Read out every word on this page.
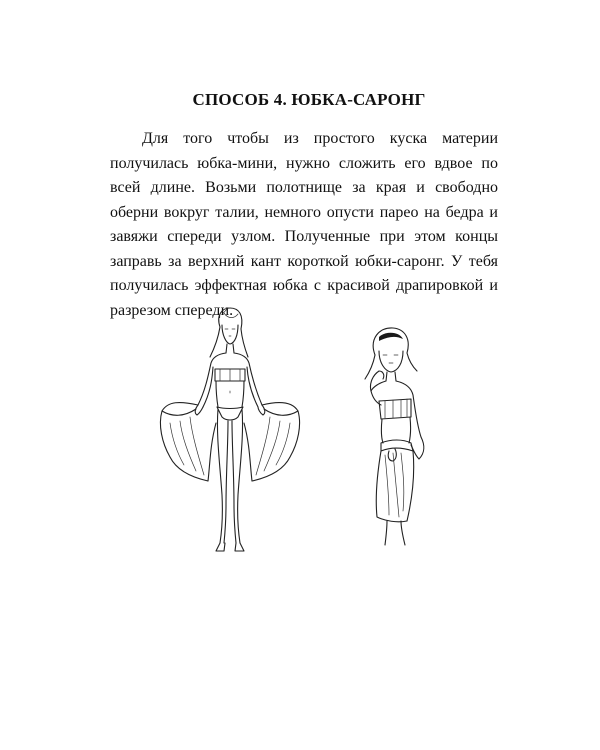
СПОСОБ 4. ЮБКА-САРОНГ
Для того чтобы из простого куска материи
получилась юбка-мини, нужно сложить его вдвое по
всей длине. Возьми полотнище за края и свободно
оберни вокруг талии, немного опусти парео на бедра и
завяжи спереди узлом. Полученные при этом концы
заправь за верхний кант короткой юбки-саронг. У тебя
получилась эффектная юбка с красивой драпировкой и
разрезом спереди.
